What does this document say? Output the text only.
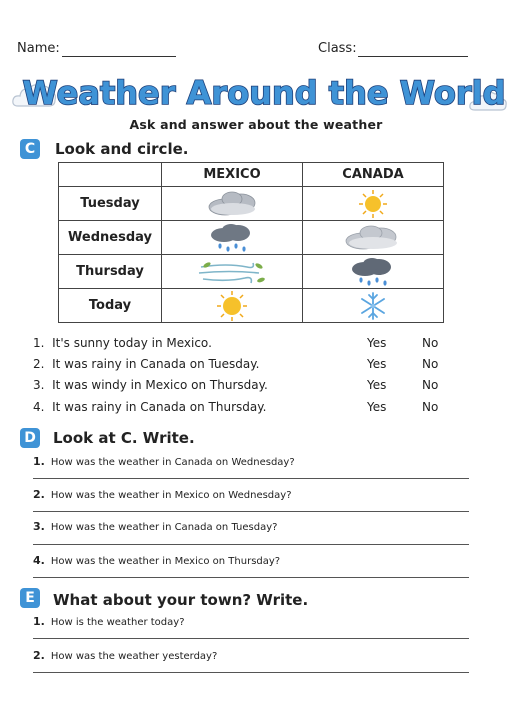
Name:	Class:
Weather Around the World
Ask and answer about the weather
C	Look and circle.
	MEXICO	CANADA
Tuesday	

Wednesday	

Thursday	

Today	

1. It's sunny today in Mexico.	Yes	No
2. It was rainy in Canada on Tuesday.	Yes	No
3. It was windy in Mexico on Thursday.	Yes	No
4. It was rainy in Canada on Thursday.	Yes	No
D Look at C. Write.
1. How was the weather in Canada on Wednesday?
2. How was the weather in Mexico on Wednesday?
3. How was the weather in Canada on Tuesday?
4. How was the weather in Mexico on Thursday?
E	What about your town? Write.
1. How is the weather today?
2. How was the weather yesterday?
